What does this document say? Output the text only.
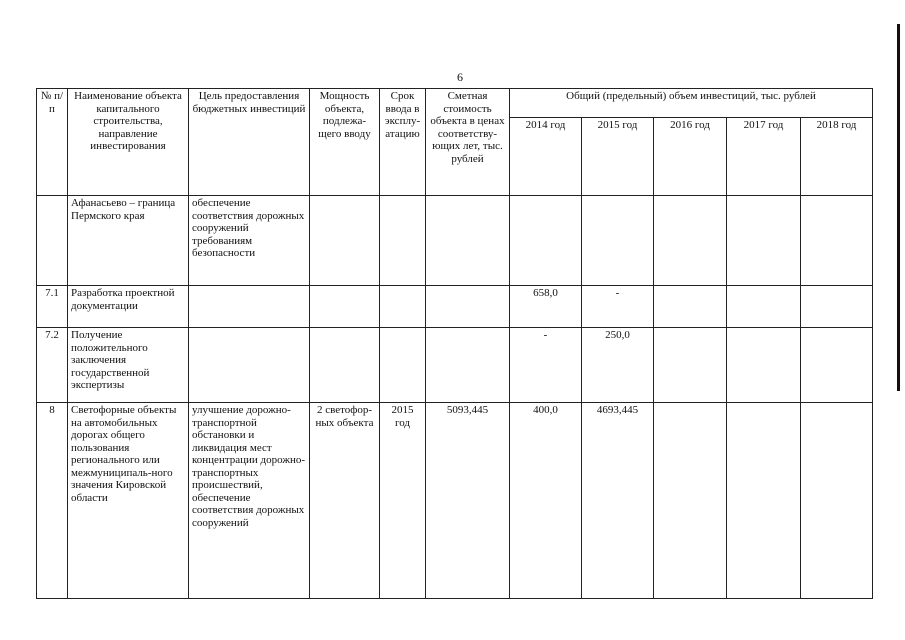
6
№ п/п	Наименование объекта капитального строительства, направление инвестирования	Цель предоставления бюджетных инвестиций	Мощность объекта, подлежа-щего вводу	Срок ввода в эксплу-атацию	Сметная стоимость объекта в ценах соответству-ющих лет, тыс. рублей	Общий (предельный) объем инвестиций, тыс. рублей				
						2014 год	2015 год	2016 год	2017 год	2018 год
	Афанасьево – граница Пермского края	обеспечение соответствия дорожных сооружений требованиям безопасности								
7.1	Разработка проектной документации					658,0	-			
7.2	Получение положительного заключения государственной экспертизы					-	250,0			
8	Светофорные объекты на автомобильных дорогах общего пользования регионального или межмуниципаль-ного значения Кировской области	улучшение дорожно-транспортной обстановки и ликвидация мест концентрации дорожно-транспортных происшествий, обеспечение соответствия дорожных сооружений	2 светофор-ных объекта	2015 год	5093,445	400,0	4693,445			
